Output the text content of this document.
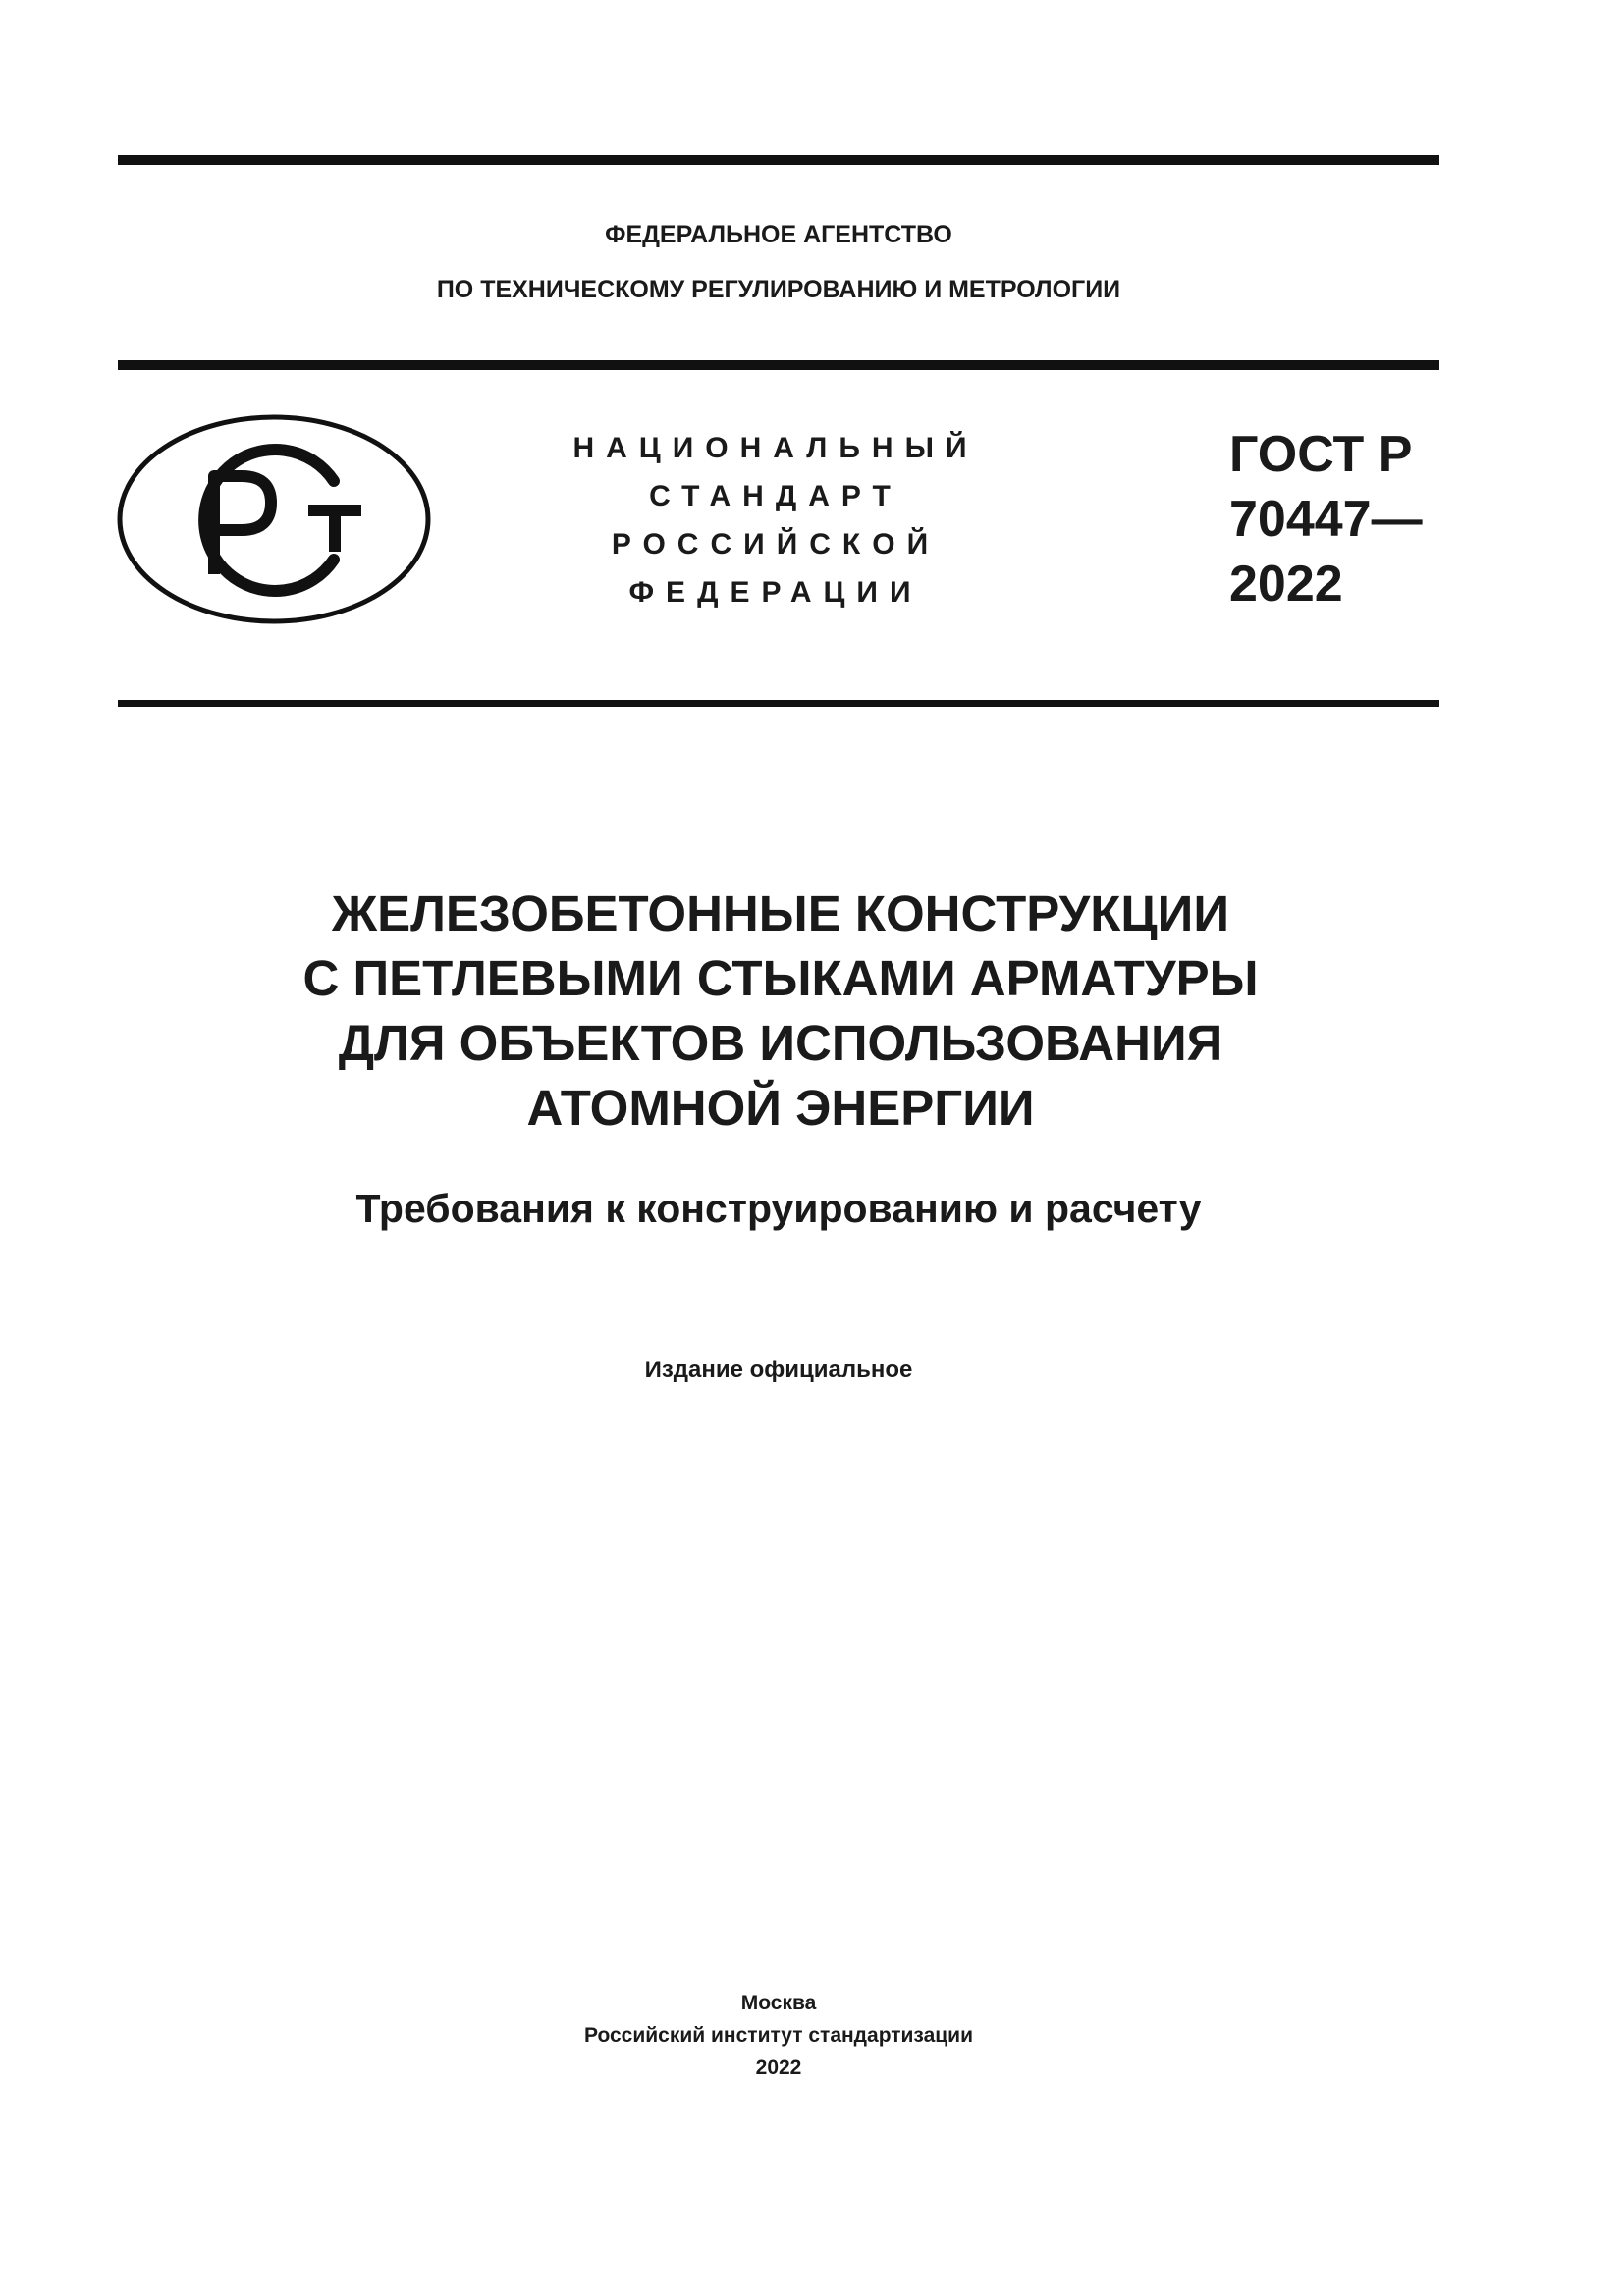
ФЕДЕРАЛЬНОЕ АГЕНТСТВО
ПО ТЕХНИЧЕСКОМУ РЕГУЛИРОВАНИЮ И МЕТРОЛОГИИ
НАЦИОНАЛЬНЫЙ
СТАНДАРТ
РОССИЙСКОЙ
ФЕДЕРАЦИИ
ГОСТ Р
70447—
2022
ЖЕЛЕЗОБЕТОННЫЕ КОНСТРУКЦИИ
С ПЕТЛЕВЫМИ СТЫКАМИ АРМАТУРЫ
ДЛЯ ОБЪЕКТОВ ИСПОЛЬЗОВАНИЯ
АТОМНОЙ ЭНЕРГИИ
Требования к конструированию и расчету
Издание официальное
Москва
Российский институт стандартизации
2022
